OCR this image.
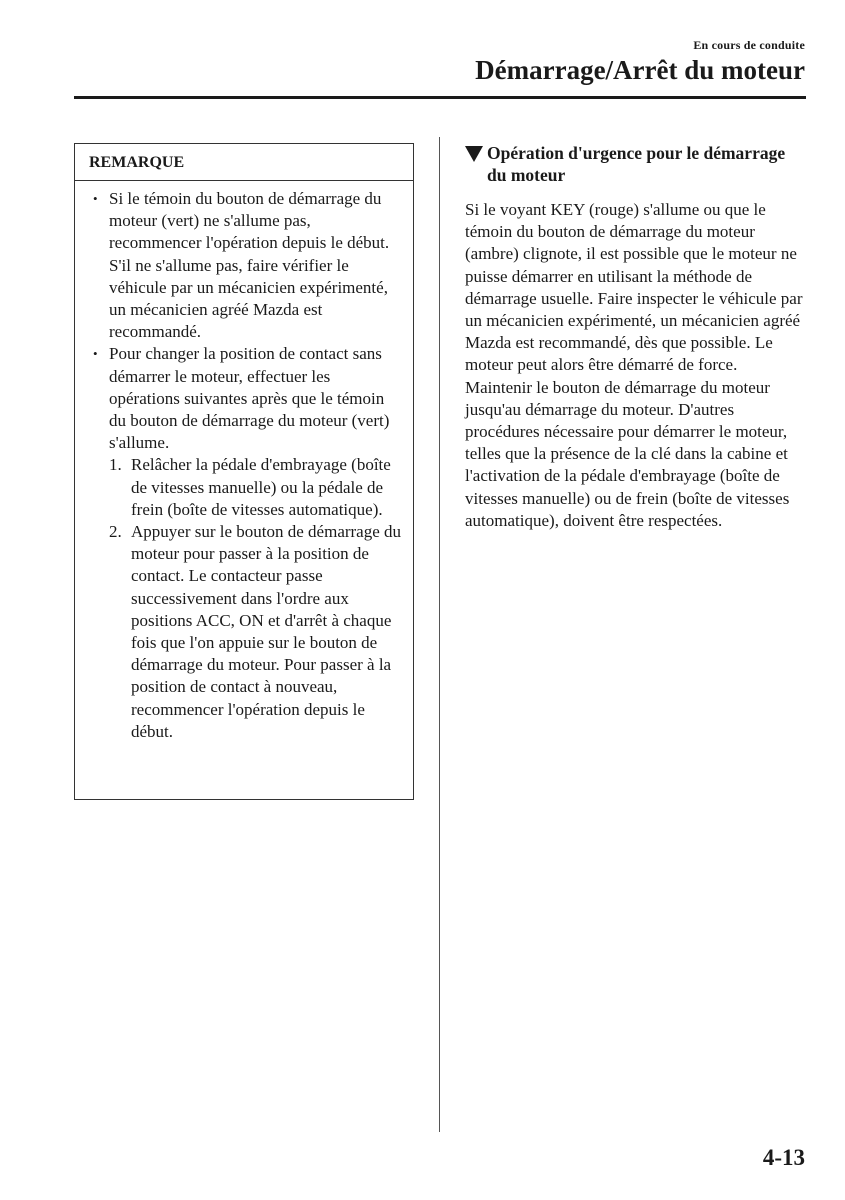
En cours de conduite
Démarrage/Arrêt du moteur
REMARQUE
• Si le témoin du bouton de démarrage du moteur (vert) ne s'allume pas, recommencer l'opération depuis le début. S'il ne s'allume pas, faire vérifier le véhicule par un mécanicien expérimenté, un mécanicien agréé Mazda est recommandé.
• Pour changer la position de contact sans démarrer le moteur, effectuer les opérations suivantes après que le témoin du bouton de démarrage du moteur (vert) s'allume.
1. Relâcher la pédale d'embrayage (boîte de vitesses manuelle) ou la pédale de frein (boîte de vitesses automatique).
2. Appuyer sur le bouton de démarrage du moteur pour passer à la position de contact. Le contacteur passe successivement dans l'ordre aux positions ACC, ON et d'arrêt à chaque fois que l'on appuie sur le bouton de démarrage du moteur. Pour passer à la position de contact à nouveau, recommencer l'opération depuis le début.
Opération d'urgence pour le démarrage du moteur
Si le voyant KEY (rouge) s'allume ou que le témoin du bouton de démarrage du moteur (ambre) clignote, il est possible que le moteur ne puisse démarrer en utilisant la méthode de démarrage usuelle. Faire inspecter le véhicule par un mécanicien expérimenté, un mécanicien agréé Mazda est recommandé, dès que possible. Le moteur peut alors être démarré de force. Maintenir le bouton de démarrage du moteur jusqu'au démarrage du moteur. D'autres procédures nécessaire pour démarrer le moteur, telles que la présence de la clé dans la cabine et l'activation de la pédale d'embrayage (boîte de vitesses manuelle) ou de frein (boîte de vitesses automatique), doivent être respectées.
4-13
